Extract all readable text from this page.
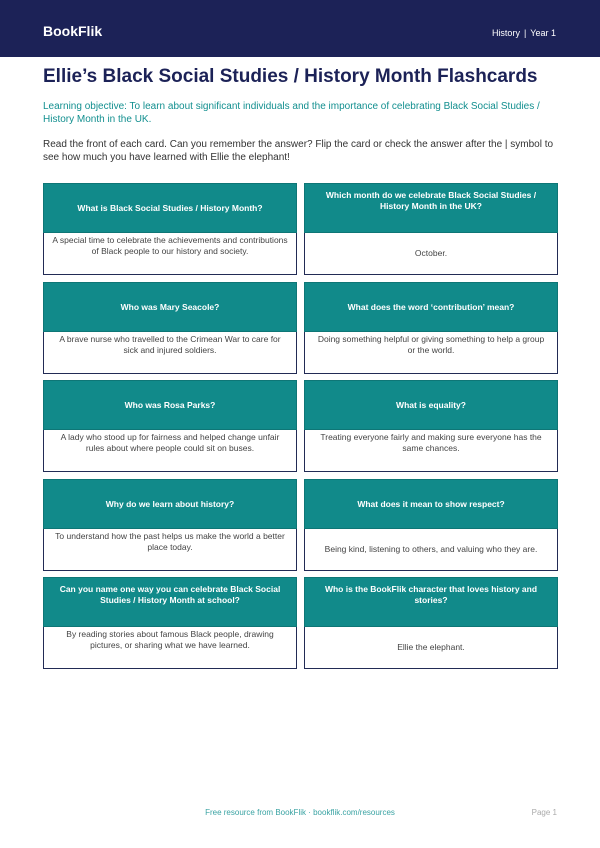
BookFlik	History | Year 1
Ellie’s Black Social Studies / History Month Flashcards
Learning objective: To learn about significant individuals and the importance of celebrating Black Social Studies / History Month in the UK.
Read the front of each card. Can you remember the answer? Flip the card or check the answer after the | symbol to see how much you have learned with Ellie the elephant!
What is Black Social Studies / History Month?
A special time to celebrate the achievements and contributions of Black people to our history and society.
Which month do we celebrate Black Social Studies / History Month in the UK?
October.
Who was Mary Seacole?
A brave nurse who travelled to the Crimean War to care for sick and injured soldiers.
What does the word ‘contribution’ mean?
Doing something helpful or giving something to help a group or the world.
Who was Rosa Parks?
A lady who stood up for fairness and helped change unfair rules about where people could sit on buses.
What is equality?
Treating everyone fairly and making sure everyone has the same chances.
Why do we learn about history?
To understand how the past helps us make the world a better place today.
What does it mean to show respect?
Being kind, listening to others, and valuing who they are.
Can you name one way you can celebrate Black Social Studies / History Month at school?
By reading stories about famous Black people, drawing pictures, or sharing what we have learned.
Who is the BookFlik character that loves history and stories?
Ellie the elephant.
Free resource from BookFlik · bookflik.com/resources	Page 1
